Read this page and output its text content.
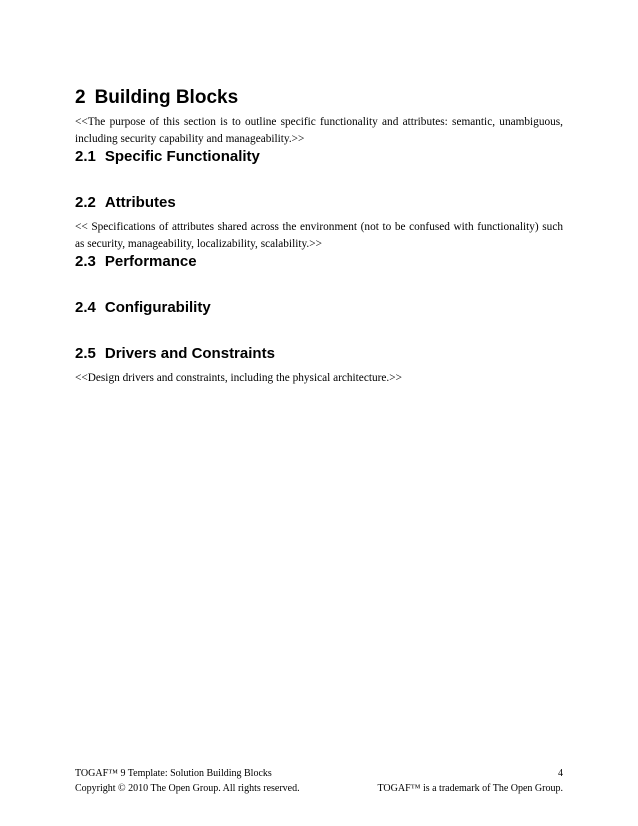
2 Building Blocks

<<The purpose of this section is to outline specific functionality and attributes: semantic, unambiguous, including security capability and manageability.>>

2.1 Specific Functionality
2.2 Attributes

<< Specifications of attributes shared across the environment (not to be confused with functionality) such as security, manageability, localizability, scalability.>>

2.3 Performance
2.4 Configurability
2.5 Drivers and Constraints

<<Design drivers and constraints, including the physical architecture.>>

TOGAF™ 9 Template: Solution Building Blocks	4
Copyright © 2010 The Open Group. All rights reserved.	TOGAF™ is a trademark of The Open Group.
